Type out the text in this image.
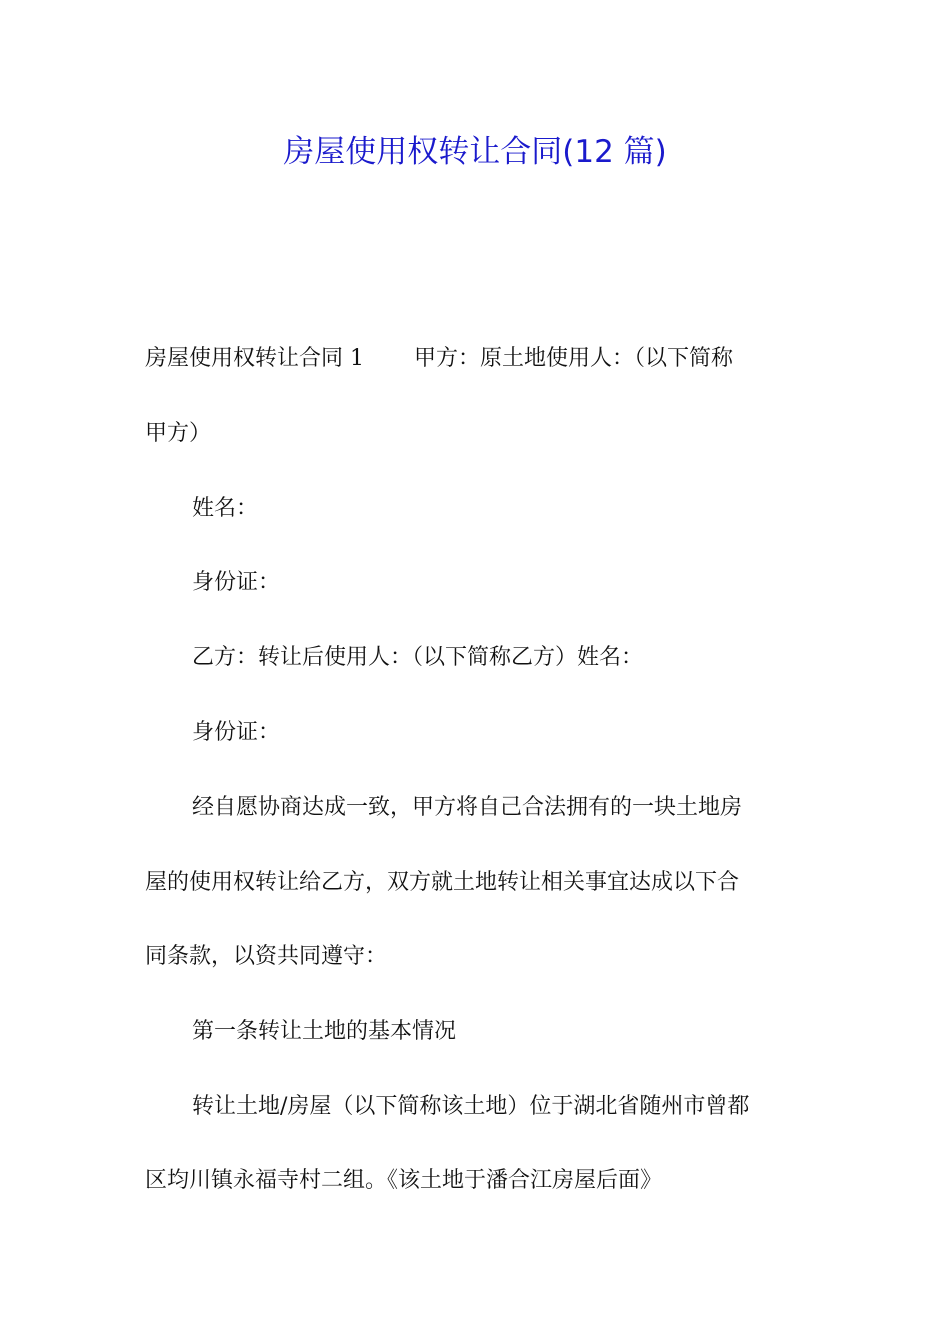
房屋使用权转让合同(12 篇)
房屋使用权转让合同 1 甲方：原土地使用人：（以下简称
甲方）
姓名：
身份证：
乙方：转让后使用人：（以下简称乙方）姓名：
身份证：
经自愿协商达成一致，甲方将自己合法拥有的一块土地房
屋的使用权转让给乙方，双方就土地转让相关事宜达成以下合
同条款，以资共同遵守：
第一条转让土地的基本情况
转让土地/房屋（以下简称该土地）位于湖北省随州市曾都
区均川镇永福寺村二组。《该土地于潘合江房屋后面》
